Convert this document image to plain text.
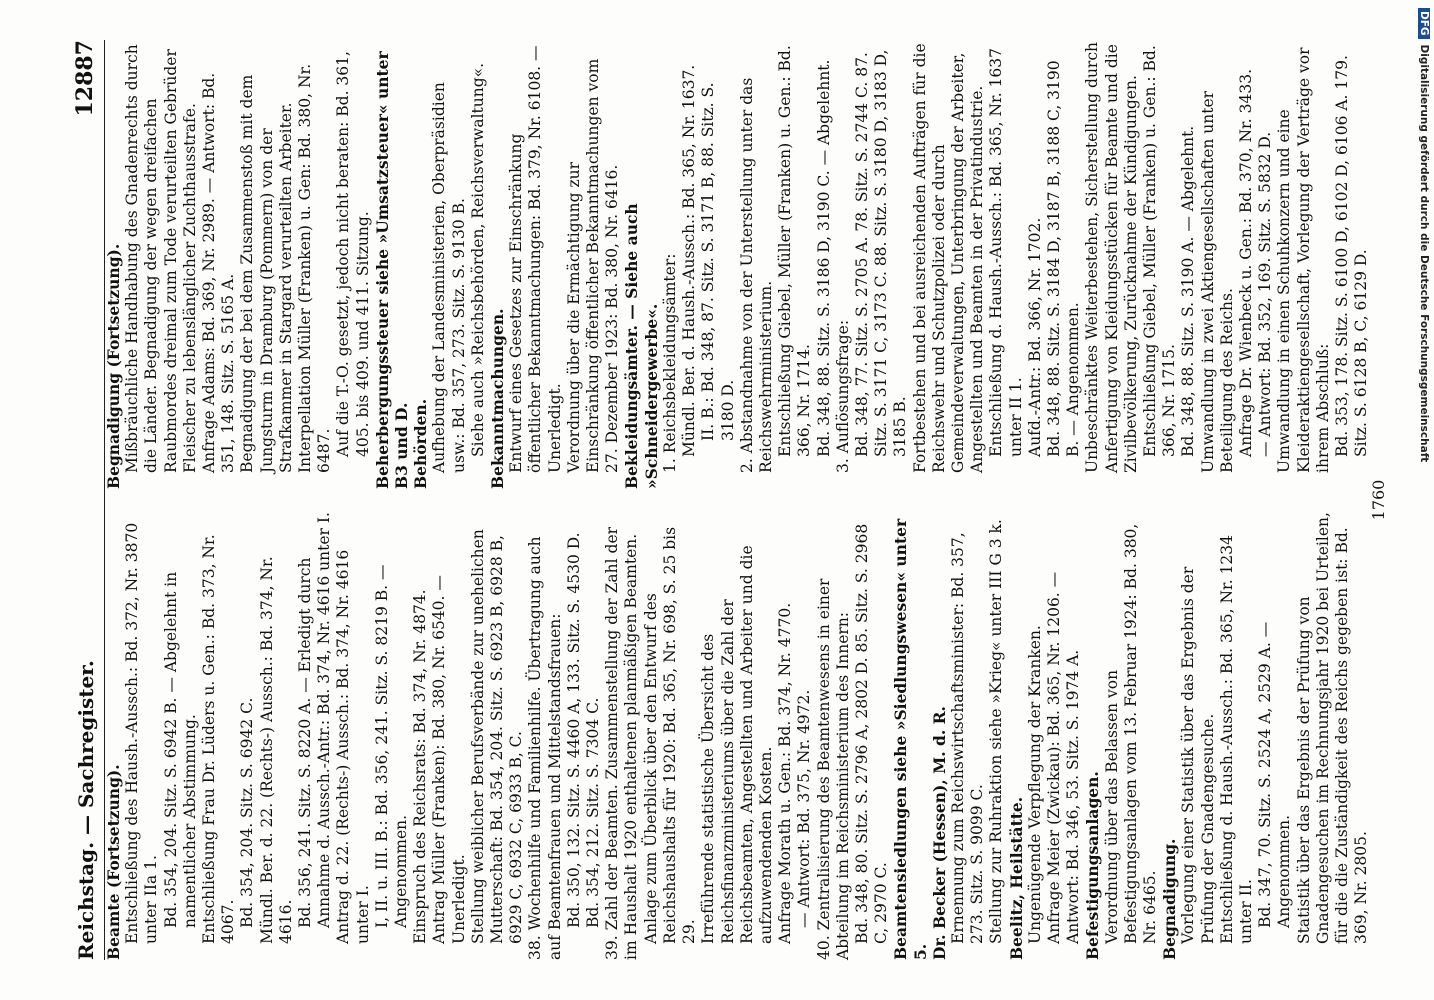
Reichstag. — Sachregister.
12887

Beamte (Fortsetzung). Entschließung des Haush.-Aussch.: Bd. 372, Nr. 3870 unter IIa 1. Bd. 354, 204. Sitz. S. 6942 B. — Abgelehnt in namentlicher Abstimmung. Entschließung Frau Dr. Lüders u. Gen.: Bd. 373, Nr. 4067. Bd. 354, 204. Sitz. S. 6942 C. Mündl. Ber. d. 22. (Rechts-) Aussch.: Bd. 374, Nr. 4616. Bd. 356, 241. Sitz. S. 8220 A. — Erledigt durch Annahme d. Aussch.-Antr.: Bd. 374, Nr. 4616 unter I. Antrag d. 22. (Rechts-) Aussch.: Bd. 374, Nr. 4616 unter I. I, II. u. III. B.: Bd. 356, 241. Sitz. S. 8219 B. — Angenommen. Einspruch des Reichsrats: Bd. 374, Nr. 4874. Antrag Müller (Franken): Bd. 380, Nr. 6540. — Unerledigt. Stellung weiblicher Berufsverbände zur unehelichen Mutterschaft: Bd. 354, 204. Sitz. S. 6923 B, 6928 B, 6929 C, 6932 C, 6933 B, C. 38. Wochenhilfe und Familienhilfe. Übertragung auch auf Beamtenfrauen und Mittelstandsfrauen: Bd. 350, 132. Sitz. S. 4460 A, 133. Sitz. S. 4530 D. Bd. 354, 212. Sitz. S. 7304 C. 39. Zahl der Beamten. Zusammenstellung der Zahl der im Haushalt 1920 enthaltenen planmäßigen Beamten. Anlage zum Überblick über den Entwurf des Reichshaushalts für 1920: Bd. 365, Nr. 698, S. 25 bis 29. Irreführende statistische Übersicht des Reichsfinanzministeriums über die Zahl der Reichsbeamten, Angestellten und Arbeiter und die aufzuwendenden Kosten. Anfrage Morath u. Gen.: Bd. 374, Nr. 4770. — Antwort: Bd. 375, Nr. 4972. 40. Zentralisierung des Beamtenwesens in einer Abteilung im Reichsministerium des Innern: Bd. 348, 80. Sitz. S. 2796 A, 2802 D. 85. Sitz. S. 2968 C, 2970 C. Beamtensiedlungen siehe »Siedlungswesen« unter 5. Dr. Becker (Hessen), M. d. R. Ernennung zum Reichswirtschaftsminister: Bd. 357, 273. Sitz. S. 9099 C. Stellung zur Ruhraktion siehe »Krieg« unter III G 3 k. Beelitz, Heilstätte. Ungenügende Verpflegung der Kranken. Anfrage Meier (Zwickau): Bd. 365, Nr. 1206. — Antwort: Bd. 346, 53. Sitz. S. 1974 A. Befestigungsanlagen. Verordnung über das Belassen von Befestigungsanlagen vom 13. Februar 1924: Bd. 380, Nr. 6465. Begnadigung. Vorlegung einer Statistik über das Ergebnis der Prüfung der Gnadengesuche. Entschließung d. Haush.-Aussch.: Bd. 365, Nr. 1234 unter II. Bd. 347, 70. Sitz. S. 2524 A, 2529 A. — Angenommen. Statistik über das Ergebnis der Prüfung von Gnadengesuchen im Rechnungsjahr 1920 bei Urteilen, für die die Zuständigkeit des Reichs gegeben ist: Bd. 369, Nr. 2805.

Begnadigung (Fortsetzung). Mißbräuchliche Handhabung des Gnadenrechts durch die Länder. Begnadigung der wegen dreifachen Raubmordes dreimal zum Tode verurteilten Gebrüder Fleischer zu lebenslänglicher Zuchthausstrafe. Anfrage Adams: Bd. 369, Nr. 2989. — Antwort: Bd. 351, 148. Sitz. S. 5165 A. Begnadigung der bei dem Zusammenstoß mit dem Jungsturm in Dramburg (Pommern) von der Strafkammer in Stargard verurteilten Arbeiter. Interpellation Müller (Franken) u. Gen: Bd. 380, Nr. 6487. Auf die T.-O. gesetzt, jedoch nicht beraten: Bd. 361, 405. bis 409. und 411. Sitzung. Beherbergungssteuer siehe »Umsatzsteuer« unter B3 und D. Behörden. Aufhebung der Landesministerien, Oberpräsidien usw.: Bd. 357, 273. Sitz. S. 9130 B. Siehe auch »Reichsbehörden, Reichsverwaltung«. Bekanntmachungen. Entwurf eines Gesetzes zur Einschränkung öffentlicher Bekanntmachungen: Bd. 379, Nr. 6108. — Unerledigt. Verordnung über die Ermächtigung zur Einschränkung öffentlicher Bekanntmachungen vom 27. Dezember 1923: Bd. 380, Nr. 6416. Bekleidungsämter. — Siehe auch »Schneidergewerbe«. 1. Reichsbekleidungsämter: Mündl. Ber. d. Haush.-Aussch.: Bd. 365, Nr. 1637. II. B.: Bd. 348, 87. Sitz. S. 3171 B, 88. Sitz. S. 3180 D. 2. Abstandnahme von der Unterstellung unter das Reichswehrministerium. Entschließung Giebel, Müller (Franken) u. Gen.: Bd. 366, Nr. 1714. Bd. 348, 88. Sitz. S. 3186 D, 3190 C. — Abgelehnt. 3. Auflösungsfrage: Bd. 348, 77. Sitz. S. 2705 A. 78. Sitz. S. 2744 C. 87. Sitz. S. 3171 C, 3173 C. 88. Sitz. S. 3180 D, 3183 D, 3185 B. Fortbestehen und bei ausreichenden Aufträgen für die Reichswehr und Schutzpolizei oder durch Gemeindeverwaltungen, Unterbringung der Arbeiter, Angestellten und Beamten in der Privatindustrie. Entschließung d. Haush.-Aussch.: Bd. 365, Nr. 1637 unter II 1. Aufd.-Antr.: Bd. 366, Nr. 1702. Bd. 348, 88. Sitz. S. 3184 D, 3187 B, 3188 C, 3190 B. — Angenommen. Unbeschränktes Weiterbestehen, Sicherstellung durch Anfertigung von Kleidungsstücken für Beamte und die Zivilbevölkerung, Zurücknahme der Kündigungen. Entschließung Giebel, Müller (Franken) u. Gen.: Bd. 366, Nr. 1715. Bd. 348, 88. Sitz. S. 3190 A. — Abgelehnt. Umwandlung in zwei Aktiengesellschaften unter Beteiligung des Reichs. Anfrage Dr. Wienbeck u. Gen.: Bd. 370, Nr. 3433. — Antwort: Bd. 352, 169. Sitz. S. 5832 D. Umwandlung in einen Schuhkonzern und eine Kleideraktiengesellschaft, Vorlegung der Verträge vor ihrem Abschluß: Bd. 353, 178. Sitz. S. 6100 D, 6102 D, 6106 A. 179. Sitz. S. 6128 B, C, 6129 D.

1760
DFGDigitalisierung gefördert durch die Deutsche Forschungsgemeinschaft
